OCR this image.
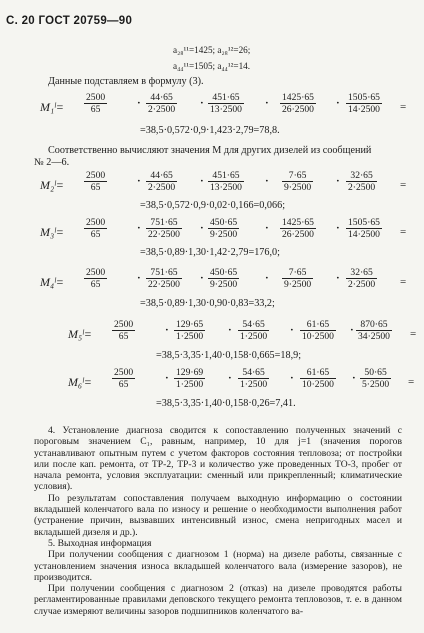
С. 20 ГОСТ 20759—90
a₂₈¹¹=1425; a₂₈¹²=26;
a₄₄¹¹=1505; a₄₄¹²=14.
Данные подставляем в формулу (3).
M₁ˡ= $\frac{2500}{65}$	· $\frac{44\cdot 65}{2\cdot 2500} \cdot \frac{451\cdot 65}{13\cdot 2500} \cdot \frac{1425\cdot 65}{26\cdot 2500} \cdot \frac{1505\cdot 65}{14\cdot 2500}$ =
=38,5·0,572·0,9·1,423·2,79=78,8.
Соответственно вычисляют значения M для других дизелей из сообщений
№ 2—6.
M₂ˡ= $\frac{2500}{65}$	· $\frac{44\cdot 65}{2\cdot 2500} \cdot \frac{451\cdot 65}{13\cdot 2500} \cdot \frac{7\cdot 65}{9\cdot 2500} \cdot \frac{32\cdot 65}{2\cdot 2500}$ =
=38,5·0,572·0,9·0,02·0,166=0,066;
M₃ˡ= $\frac{2500}{65}$	· $\frac{751\cdot 65}{22\cdot 2500} \cdot \frac{450\cdot 65}{9\cdot 2500} \cdot \frac{1425\cdot 65}{26\cdot 2500} \cdot \frac{1505\cdot 65}{14\cdot 2500}$ =
=38,5·0,89·1,30·1,42·2,79=176,0;
M₄ˡ= $\frac{2500}{65}$	· $\frac{751\cdot 65}{22\cdot 2500} \cdot \frac{450\cdot 65}{9\cdot 2500} \cdot \frac{7\cdot 65}{9\cdot 2500} \cdot \frac{32\cdot 65}{2\cdot 2500}$ =
=38,5·0,89·1,30·0,90·0,83=33,2;
M₅ˡ= $\frac{2500}{65}$	· $\frac{129\cdot 65}{1\cdot 2500} \cdot \frac{54\cdot 65}{1\cdot 2500} \cdot \frac{61\cdot 65}{10\cdot 2500} \cdot \frac{870\cdot 65}{34\cdot 2500}$ =
=38,5·3,35·1,40·0,158·0,665=18,9;
M₆ˡ= $\frac{2500}{65}$	· $\frac{129\cdot 69}{1\cdot 2500} \cdot \frac{54\cdot 65}{1\cdot 2500} \cdot \frac{61\cdot 65}{10\cdot 2500} \cdot \frac{50\cdot 65}{5\cdot 2500}$ =
=38,5·3,35·1,40·0,158·0,26=7,41.

4. Установление диагноза сводится к сопоставлению полученных значений с пороговым значением C₁, равным, например, 10 для j=1 (значения порогов устанавливают опытным путем с учетом факторов состояния тепловоза; от постройки или после кап. ремонта, от ТР-2, ТР-3 и количество уже проведенных ТО-3, пробег от начала ремонта, условия эксплуатации: сменный или прикрепленный; климатические условия).

По результатам сопоставления получаем выходную информацию о состоянии вкладышей коленчатого вала по износу и решение о необходимости выполнения работ (устранение причин, вызвавших интенсивный износ, смена непригодных масел и вкладышей дизеля и др.).

5. Выходная информация

При получении сообщения с диагнозом 1 (норма) на дизеле работы, связанные с установлением значения износа вкладышей коленчатого вала (измерение зазоров), не производится.

При получении сообщения с диагнозом 2 (отказ) на дизеле проводятся работы регламентированные правилами деповского текущего ремонта тепловозов, т. е. в данном случае измеряют величины зазоров подшипников коленчатого ва-
